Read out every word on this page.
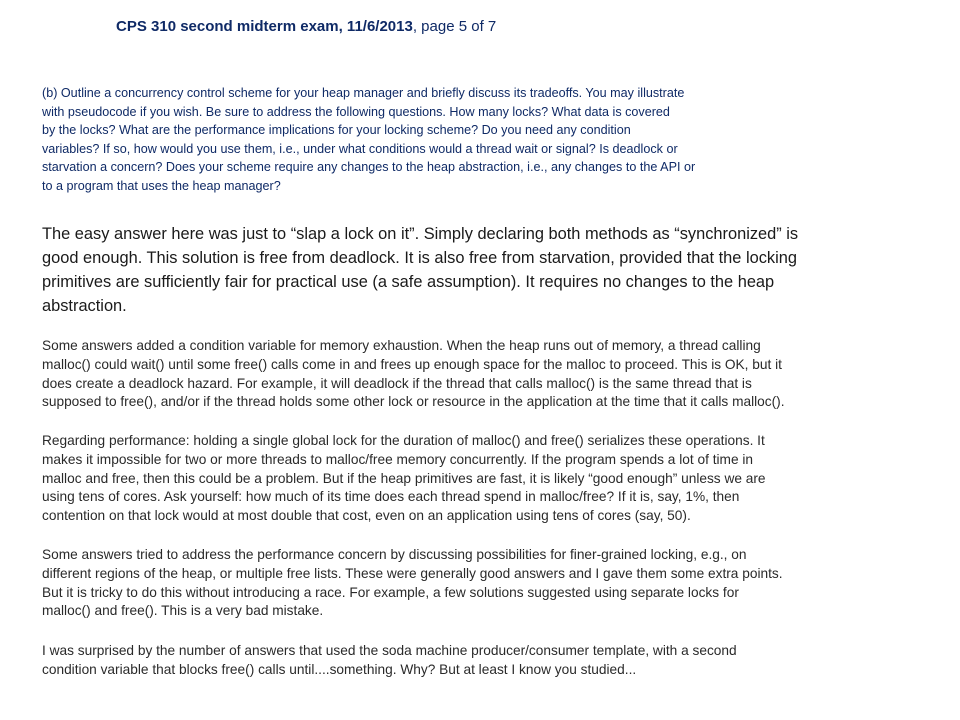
CPS 310 second midterm exam, 11/6/2013, page 5 of 7
(b) Outline a concurrency control scheme for your heap manager and briefly discuss its tradeoffs. You may illustrate
with pseudocode if you wish. Be sure to address the following questions. How many locks? What data is covered
by the locks? What are the performance implications for your locking scheme? Do you need any condition
variables? If so, how would you use them, i.e., under what conditions would a thread wait or signal? Is deadlock or
starvation a concern? Does your scheme require any changes to the heap abstraction, i.e., any changes to the API or
to a program that uses the heap manager?
The easy answer here was just to “slap a lock on it”. Simply declaring both methods as “synchronized” is
good enough. This solution is free from deadlock. It is also free from starvation, provided that the locking
primitives are sufficiently fair for practical use (a safe assumption). It requires no changes to the heap
abstraction.
Some answers added a condition variable for memory exhaustion. When the heap runs out of memory, a thread calling
malloc() could wait() until some free() calls come in and frees up enough space for the malloc to proceed. This is OK, but it
does create a deadlock hazard. For example, it will deadlock if the thread that calls malloc() is the same thread that is
supposed to free(), and/or if the thread holds some other lock or resource in the application at the time that it calls malloc().
Regarding performance: holding a single global lock for the duration of malloc() and free() serializes these operations. It
makes it impossible for two or more threads to malloc/free memory concurrently. If the program spends a lot of time in
malloc and free, then this could be a problem. But if the heap primitives are fast, it is likely “good enough” unless we are
using tens of cores. Ask yourself: how much of its time does each thread spend in malloc/free? If it is, say, 1%, then
contention on that lock would at most double that cost, even on an application using tens of cores (say, 50).
Some answers tried to address the performance concern by discussing possibilities for finer-grained locking, e.g., on
different regions of the heap, or multiple free lists. These were generally good answers and I gave them some extra points.
But it is tricky to do this without introducing a race. For example, a few solutions suggested using separate locks for
malloc() and free(). This is a very bad mistake.
I was surprised by the number of answers that used the soda machine producer/consumer template, with a second
condition variable that blocks free() calls until....something. Why? But at least I know you studied...
